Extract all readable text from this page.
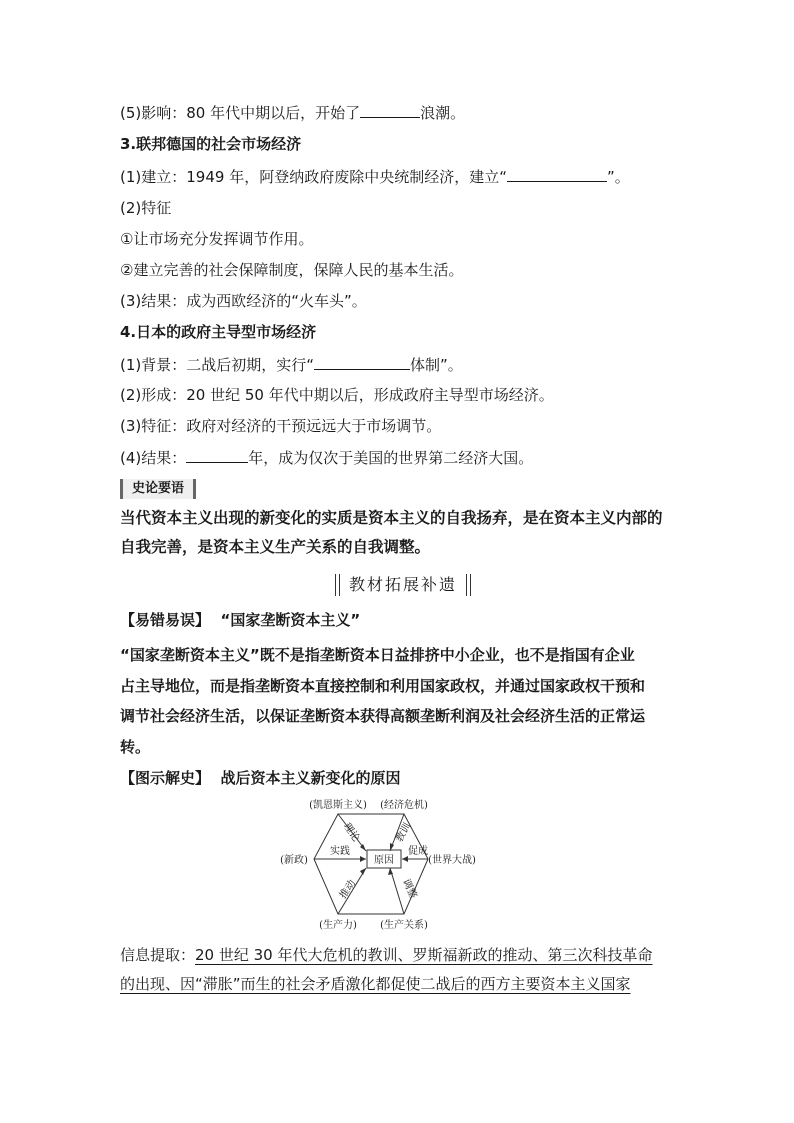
(5)影响：80 年代中期以后，开始了	浪潮。
3.联邦德国的社会市场经济
(1)建立：1949 年，阿登纳政府废除中央统制经济，建立“	”。
(2)特征
①让市场充分发挥调节作用。
②建立完善的社会保障制度，保障人民的基本生活。
(3)结果：成为西欧经济的“火车头”。
4.日本的政府主导型市场经济
(1)背景：二战后初期，实行“	体制”。
(2)形成：20 世纪 50 年代中期以后，形成政府主导型市场经济。
(3)特征：政府对经济的干预远远大于市场调节。
(4)结果：	年，成为仅次于美国的世界第二经济大国。
史论要语
当代资本主义出现的新变化的实质是资本主义的自我扬弃，是在资本主义内部的
自我完善，是资本主义生产关系的自我调整。
教材拓展补遗
【易错易误】 “国家垄断资本主义”
“国家垄断资本主义”既不是指垄断资本日益排挤中小企业，也不是指国有企业
占主导地位，而是指垄断资本直接控制和利用国家政权，并通过国家政权干预和
调节社会经济生活，以保证垄断资本获得高额垄断利润及社会经济生活的正常运
转。
【图示解史】 战后资本主义新变化的原因
原因
(凯恩斯主义) (经济危机)
(新政)	(世界大战)
(生产力) (生产关系)
理论	教训
实践	促成
推动	调整
信息提取：20 世纪 30 年代大危机的教训、罗斯福新政的推动、第三次科技革命
的出现、因“滞胀”而生的社会矛盾激化都促使二战后的西方主要资本主义国家
